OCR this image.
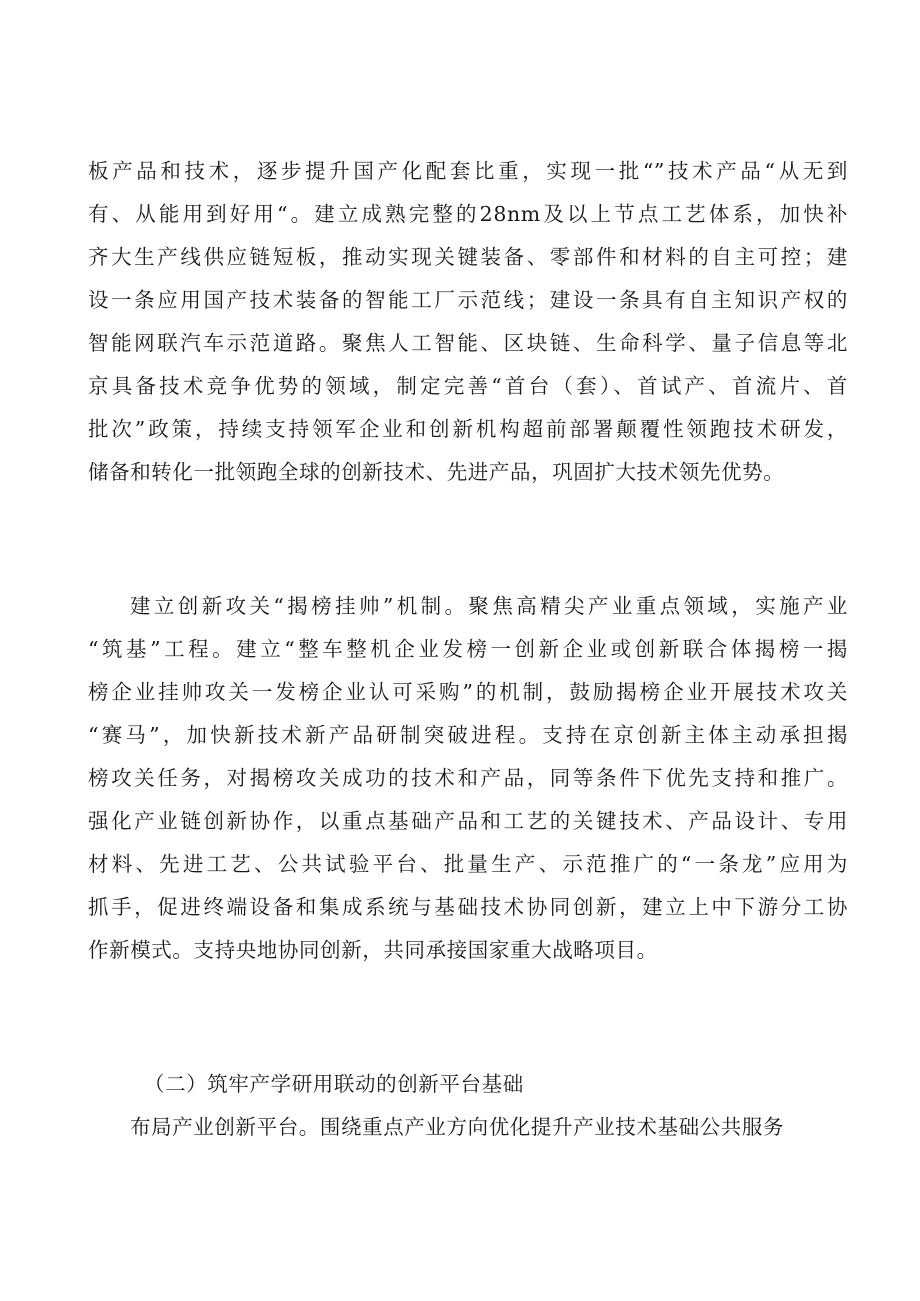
板产品和技术，逐步提升国产化配套比重，实现一批“”技术产品“从无到
有、从能用到好用“。建立成熟完整的28nm及以上节点工艺体系，加快补
齐大生产线供应链短板，推动实现关键装备、零部件和材料的自主可控；建
设一条应用国产技术装备的智能工厂示范线；建设一条具有自主知识产权的
智能网联汽车示范道路。聚焦人工智能、区块链、生命科学、量子信息等北
京具备技术竞争优势的领域，制定完善“首台（套）、首试产、首流片、首
批次”政策，持续支持领军企业和创新机构超前部署颠覆性领跑技术研发，
储备和转化一批领跑全球的创新技术、先进产品，巩固扩大技术领先优势。
建立创新攻关“揭榜挂帅”机制。聚焦高精尖产业重点领域，实施产业
“筑基”工程。建立“整车整机企业发榜一创新企业或创新联合体揭榜一揭
榜企业挂帅攻关一发榜企业认可采购”的机制，鼓励揭榜企业开展技术攻关
“赛马”，加快新技术新产品研制突破进程。支持在京创新主体主动承担揭
榜攻关任务，对揭榜攻关成功的技术和产品，同等条件下优先支持和推广。
强化产业链创新协作，以重点基础产品和工艺的关键技术、产品设计、专用
材料、先进工艺、公共试验平台、批量生产、示范推广的“一条龙”应用为
抓手，促进终端设备和集成系统与基础技术协同创新，建立上中下游分工协
作新模式。支持央地协同创新，共同承接国家重大战略项目。
（二）筑牢产学研用联动的创新平台基础
布局产业创新平台。围绕重点产业方向优化提升产业技术基础公共服务
